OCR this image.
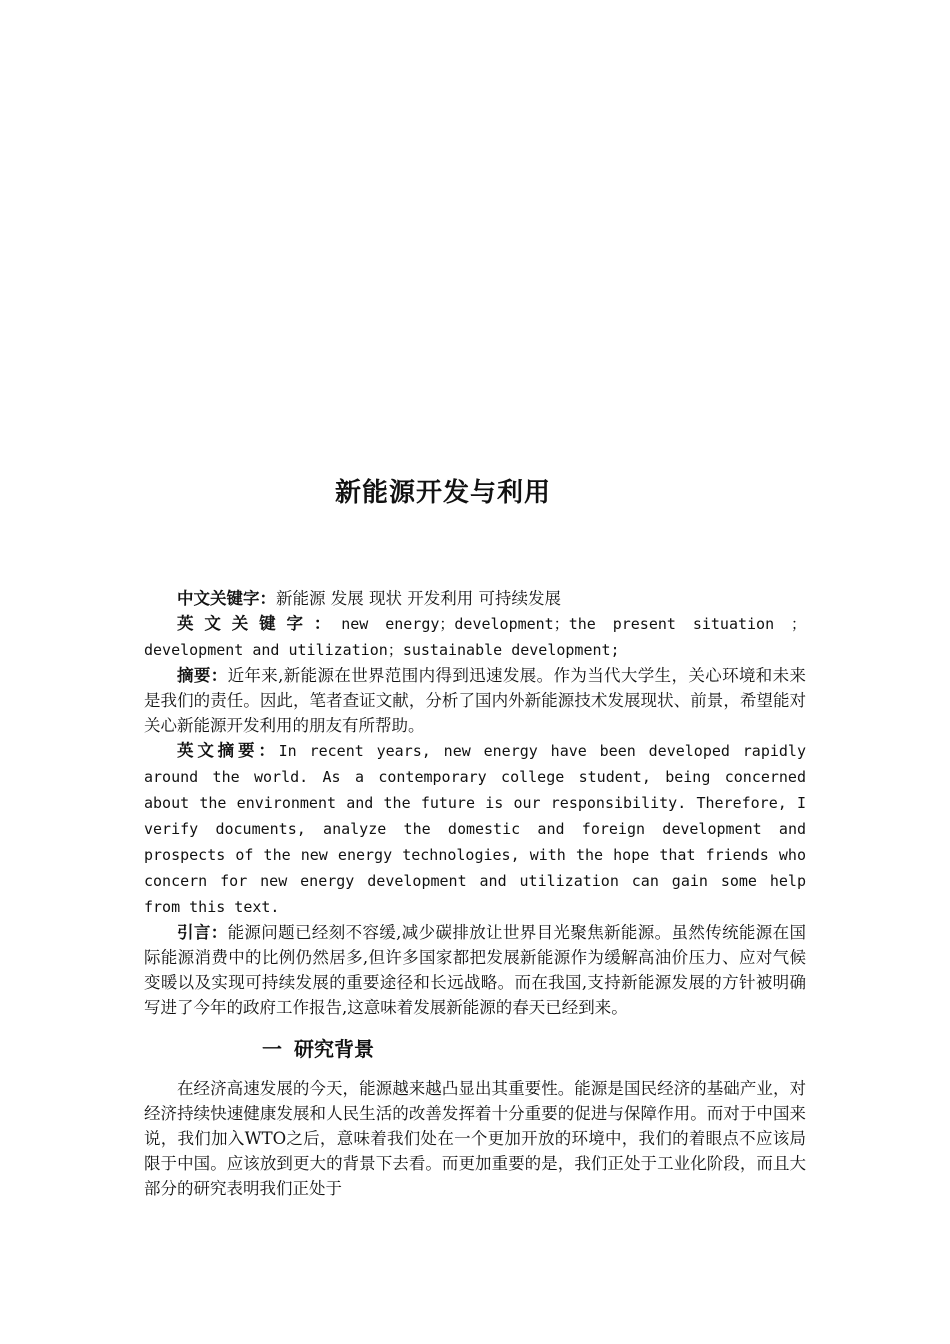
新能源开发与利用

中文关键字：新能源 发展 现状 开发利用 可持续发展

英文关键字：new energy；development；the present situation ；development and utilization；sustainable development;

摘要：近年来,新能源在世界范围内得到迅速发展。作为当代大学生，关心环境和未来是我们的责任。因此，笔者查证文献，分析了国内外新能源技术发展现状、前景，希望能对关心新能源开发利用的朋友有所帮助。

英文摘要：In recent years, new energy have been developed rapidly around the world. As a contemporary college student, being concerned about the environment and the future is our responsibility. Therefore, I verify documents, analyze the domestic and foreign development and prospects of the new energy technologies, with the hope that friends who concern for new energy development and utilization can gain some help from this text.

引言：能源问题已经刻不容缓,减少碳排放让世界目光聚焦新能源。虽然传统能源在国际能源消费中的比例仍然居多,但许多国家都把发展新能源作为缓解高油价压力、应对气候变暖以及实现可持续发展的重要途径和长远战略。而在我国,支持新能源发展的方针被明确写进了今年的政府工作报告,这意味着发展新能源的春天已经到来。

一 研究背景

在经济高速发展的今天，能源越来越凸显出其重要性。能源是国民经济的基础产业，对经济持续快速健康发展和人民生活的改善发挥着十分重要的促进与保障作用。而对于中国来说，我们加入WTO之后，意味着我们处在一个更加开放的环境中，我们的着眼点不应该局限于中国。应该放到更大的背景下去看。而更加重要的是，我们正处于工业化阶段，而且大部分的研究表明我们正处于
